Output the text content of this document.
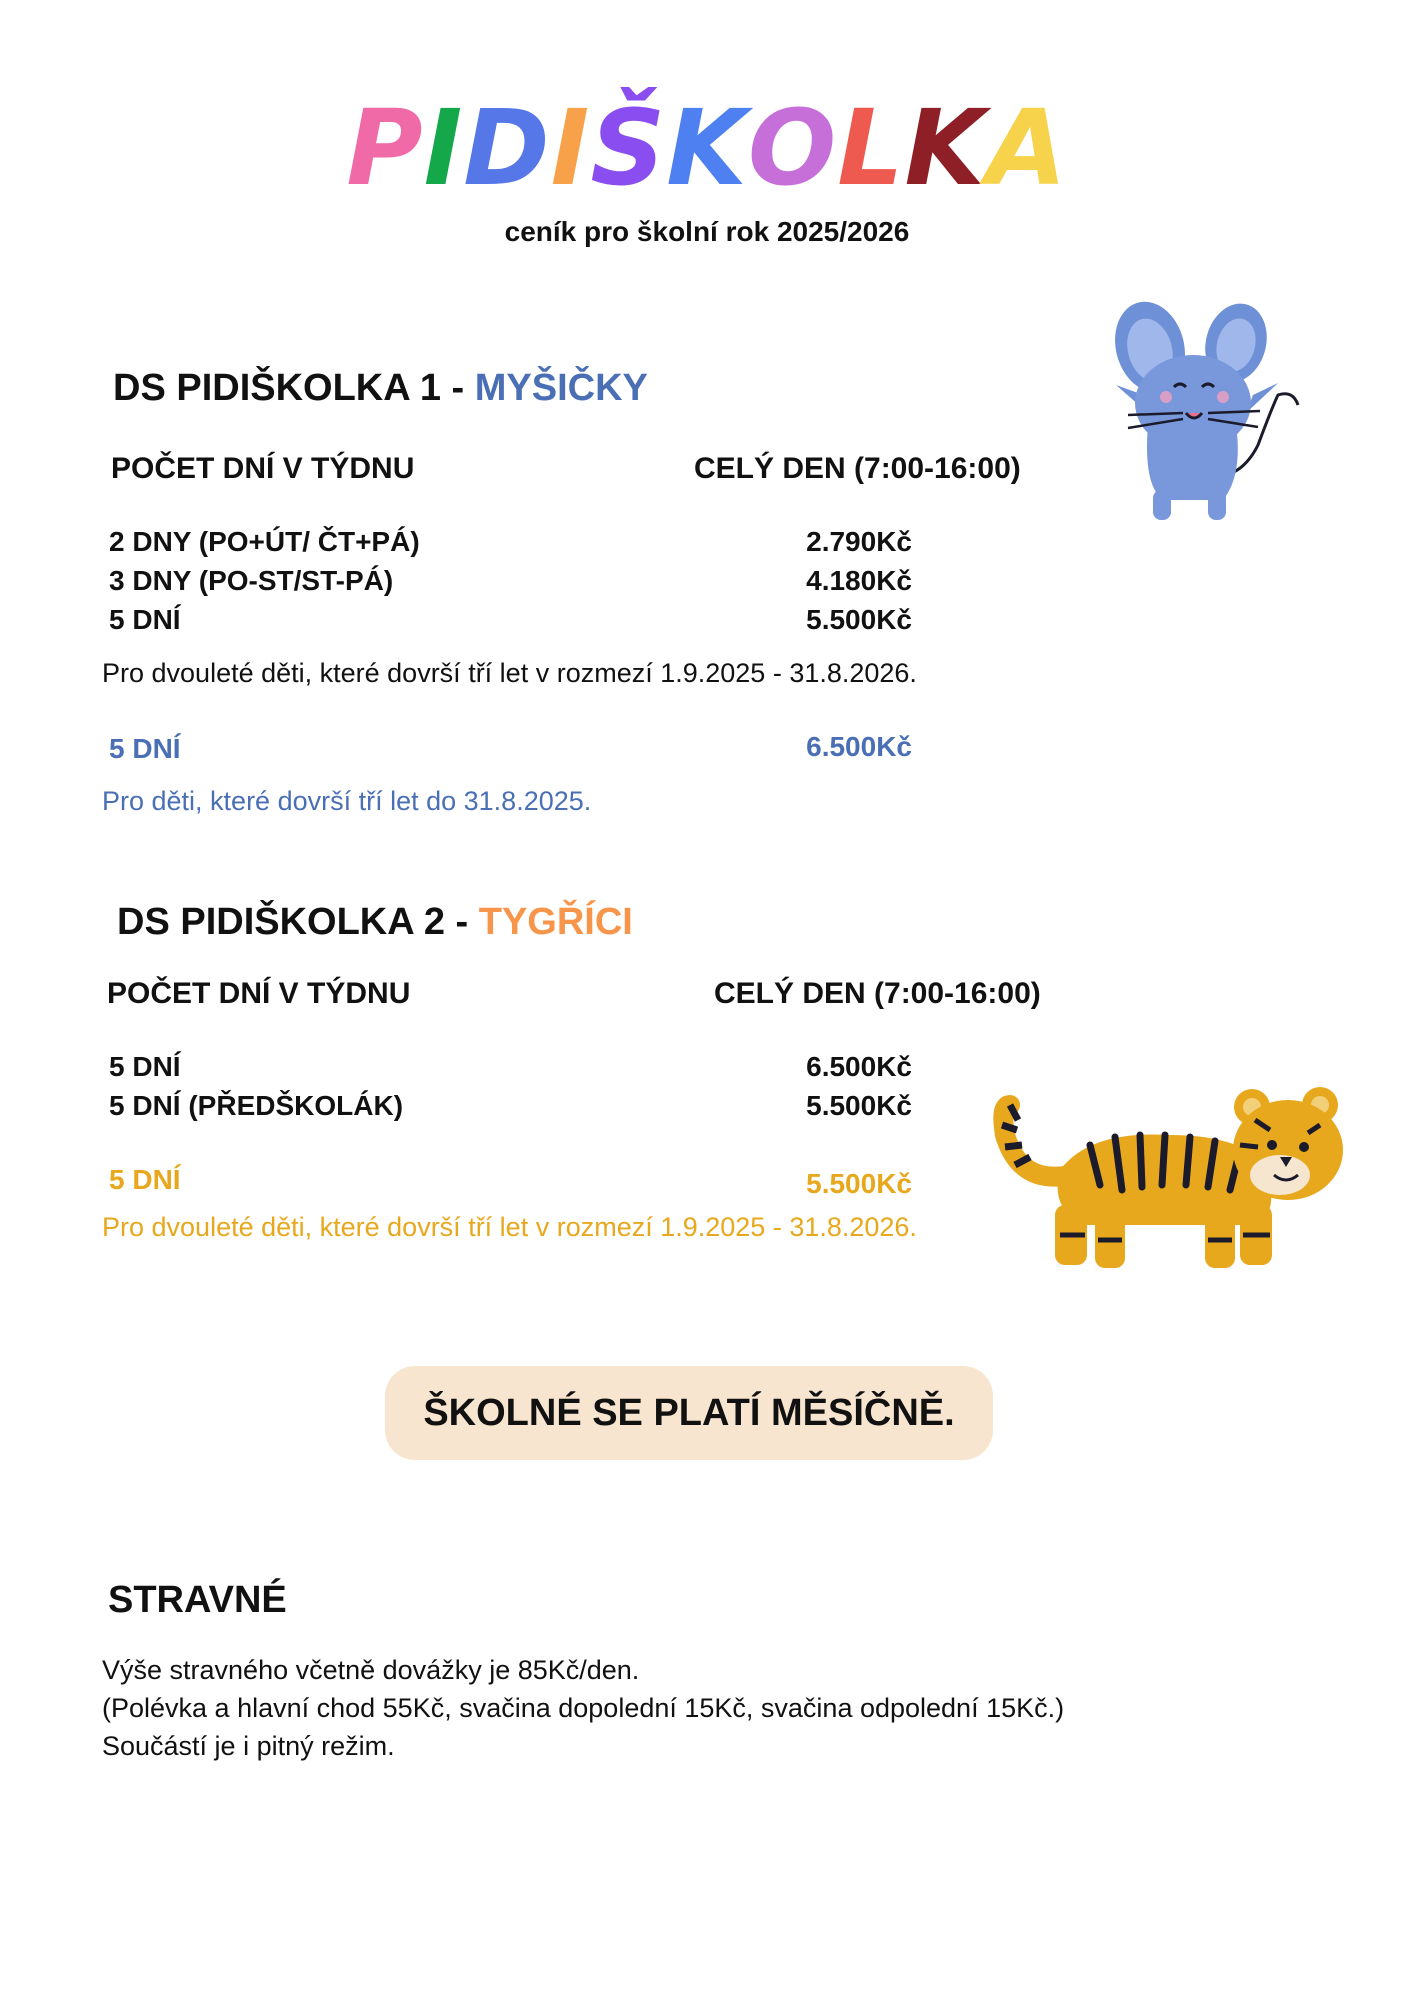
PIDIŠKOLKA
ceník pro školní rok 2025/2026
DS PIDIŠKOLKA 1 - MYŠIČKY
POČET DNÍ V TÝDNU	CELÝ DEN (7:00-16:00)
2 DNY (PO+ÚT/ ČT+PÁ)	2.790Kč
3 DNY (PO-ST/ST-PÁ)	4.180Kč
5 DNÍ	5.500Kč
Pro dvouleté děti, které dovrší tří let v rozmezí 1.9.2025 - 31.8.2026.
5 DNÍ	6.500Kč
Pro děti, které dovrší tří let do 31.8.2025.
DS PIDIŠKOLKA 2 - TYGŘÍCI
POČET DNÍ V TÝDNU	CELÝ DEN (7:00-16:00)
5 DNÍ	6.500Kč
5 DNÍ (PŘEDŠKOLÁK)	5.500Kč
5 DNÍ	5.500Kč
Pro dvouleté děti, které dovrší tří let v rozmezí 1.9.2025 - 31.8.2026.
ŠKOLNÉ SE PLATÍ MĚSÍČNĚ.
STRAVNÉ
Výše stravného včetně dovážky je 85Kč/den.
(Polévka a hlavní chod 55Kč, svačina dopolední 15Kč, svačina odpolední 15Kč.)
Součástí je i pitný režim.
